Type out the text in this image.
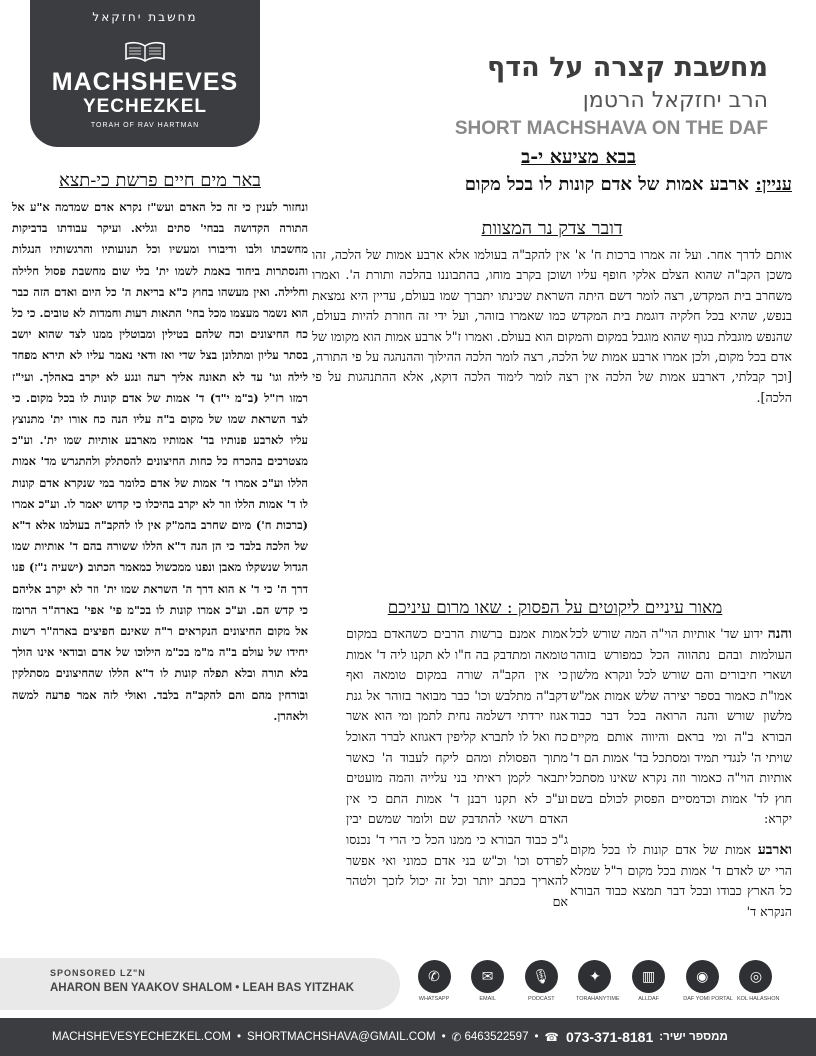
מחשבת יחזקאל
MACHSHEVES
YECHEZKEL
TORAH OF RAV HARTMAN
מחשבת קצרה על הדף
הרב יחזקאל הרטמן
SHORT MACHSHAVA ON THE DAF
בבא מציעא י-ב
עניין: ארבע אמות של אדם קונות לו בכל מקום
באר מים חיים פרשת כי-תצא
ונחזור לענין כי זה כל האדם ועש"ז נקרא אדם שמדמה א"ע אל התורה הקדושה בבחי' סתים וגליא. ועיקר עבודתו בדביקות מחשבתו ולבו ודיבורו ומעשיו וכל תנועותיו והרגשותיו הנגלות והנסתרות ביחוד באמת לשמו ית' בלי שום מחשבת פסול חלילה וחלילה. ואין מעשהו בחוץ כ"א בריאת ה' כל היום ואדם הזה כבר הוא נשמר מעצמו מכל בחי' התאות רעות וחמדות לא טובים. כי כל כח החיצונים וכח שלהם בטילין ומבוטלין ממנו לצד שהוא יושב בסתר עליון ומתלונן בצל שדי ואז ודאי נאמר עליו לא תירא מפחד לילה וגו' עד לא תאונה אליך רעה ונגע לא יקרב באהלך. ועי"ז רמזו רז"ל (ב"מ י"ד) ד' אמות של אדם קונות לו בכל מקום. כי לצד השראת שמו של מקום ב"ה עליו הנה כח אורו ית' מתנוצץ עליו לארבע פנותיו בד' אמותיו מארבע אותיות שמו ית'. וע"כ מצטרכים בהכרח כל כחות החיצונים להסתלק ולהתגרש מד' אמות הללו וע"כ אמרו ד' אמות של אדם כלומר במי שנקרא אדם קונות לו ד' אמות הללו וזר לא יקרב בהיכלו כי קדוש יאמר לו. וע"כ אמרו (ברכות ח') מיום שחרב בהמ"ק אין לו להקב"ה בעולמו אלא ד"א של הלכה בלבד כי הן הנה ד"א הללו ששורה בהם ד' אותיות שמו הגדול שנשקלו מאבן ונפנו ממכשול כמאמר הכתוב (ישעיה נ"ז) פנו דרך ה' כי ד' א הוא דרך ה' השראת שמו ית' וזר לא יקרב אליהם כי קדש הם. וע"כ אמרו קונות לו בכ"מ פי' אפי' בארה"ר הרומז אל מקום החיצונים הנקראים ר"ה שאינם חפיצים בארה"ר רשות יחידו של עולם ב"ה מ"מ בכ"מ הילוכו של אדם ובודאי אינו הולך בלא תורה ובלא תפלה קונות לו ד"א הללו שהחיצונים מסתלקין ובורחין מהם והם להקב"ה בלבד. ואולי לזה אמר פרעה למשה ולאהרן.
דובר צדק נר המצוות
אותם לדרך אחר. ועל זה אמרו ברכות ח' א' אין להקב"ה בעולמו אלא ארבע אמות של הלכה, זהו משכן הקב"ה שהוא הצלם אלקי חופף עליו ושוכן בקרב מוחו, בהתבוננו בהלכה ותורת ה'. ואמרו משחרב בית המקדש, רצה לומר דשם היתה השראת שכינתו יתברך שמו בעולם, עדיין היא נמצאת בנפש, שהיא בכל חלקיה דוגמת בית המקדש כמו שאמרו בזוהר, ועל ידי זה חוזרת להיות בעולם, שהנפש מוגבלת בגוף שהוא מוגבל במקום והמקום הוא בעולם. ואמרו ז"ל ארבע אמות הוא מקומו של אדם בכל מקום, ולכן אמרו ארבע אמות של הלכה, רצה לומר הלכה ההילוך וההנהגה על פי התורה, [וכך קבלתי, דארבע אמות של הלכה אין רצה לומר לימוד הלכה דוקא, אלא ההתנהגות על פי הלכה].
מאור עיניים ליקוטים על הפסוק : שאו מרום עיניכם
והנה ידוע שד' אותיות הוי"ה המה שורש לכל העולמות ובהם נתהווה הכל כמפורש בזוהר ושארי חיבורים והם שורש לכל ונקרא מלשון אמו"ת כאמור בספר יצירה שלש אמות אמ"ש מלשון שורש והנה הרואה בכל דבר כבוד הבורא ב"ה ומי בראם והיווה אותם מקיים שויתי ה' לנגדי תמיד ומסתכל בד' אמות הם ד' אותיות הוי"ה כאמור וזה נקרא שאינו מסתכל חוץ לד' אמות וכדמסיים הפסוק לכולם בשם יקרא:
וארבע אמות של אדם קונות לו בכל מקום הרי יש לאדם ד' אמות בכל מקום ר"ל שמלא כל הארץ כבודו ובכל דבר תמצא כבוד הבורא הנקרא ד'
אמות אמנם ברשות הרבים כשהאדם במקום טומאה ומתדבק בה ח"ו לא תקנו ליה ד' אמות כי אין הקב"ה שורה במקום טומאה ואף דקב"ה מתלבש וכו' כבר מבואר בזוהר אל גנת אגוז ירדתי דשלמה נחית לתמן ומי הוא אשר כח ואל לו לתברא קליפין דאגוזא לברר האוכל מתוך הפסולת ומהם ליקח לעבוד ה' כאשר יתבאר לקמן ראיתי בני עלייה והמה מועטים וע"כ לא תקנו רבנן ד' אמות התם כי אין האדם רשאי להתדבק שם ולומר שמשם יבין ג"כ כבוד הבורא כי ממנו הכל כי הרי ד' נכנסו לפרדס וכו' וכ"ש בני אדם כמוני ואי אפשר להאריך בכתב יותר וכל זה יכול לזכך ולטהר אם
SPONSORED LZ"N
AHARON BEN YAAKOV SHALOM • LEAH BAS YITZHAK
✆
WHATSAPP
✉
EMAIL
🎙
PODCAST
✦
TORAHANYTIME
▥
ALLDAF
◉
DAF YOMI PORTAL
◎
KOL HALASHON
MACHSHEVESYECHEZKEL.COM • SHORTMACHSHAVA@GMAIL.COM • ✆ 6463522597 • ☎ 073-371-8181 :ממספר ישיר
